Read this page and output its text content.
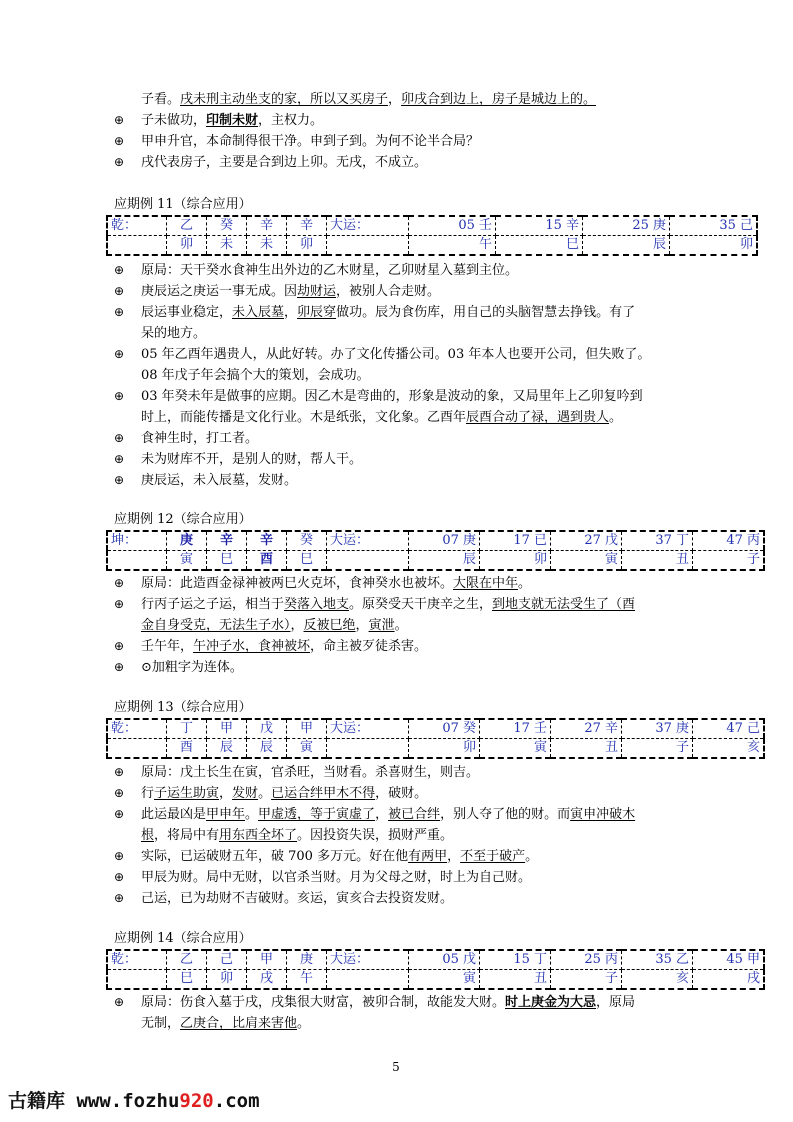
子看。戌未刑主动坐支的家，所以又买房子，卯戌合到边上，房子是城边上的。
⊕ 子未做功，印制未财，主权力。
⊕ 甲申升官，本命制得很干净。申到子到。为何不论半合局？
⊕ 戌代表房子，主要是合到边上卯。无戌，不成立。
应期例 11（综合应用）
乾：	乙	癸	辛	辛	大运：	05 壬	15 辛	25 庚	35 己
	卯	未	未	卯		午	巳	辰	卯
⊕ 原局：天干癸水食神生出外边的乙木财星，乙卯财星入墓到主位。
⊕ 庚辰运之庚运一事无成。因劫财运，被别人合走财。
⊕ 辰运事业稳定，未入辰墓，卯辰穿做功。辰为食伤库，用自己的头脑智慧去挣钱。有了
呆的地方。
⊕ 05 年乙酉年遇贵人，从此好转。办了文化传播公司。03 年本人也要开公司，但失败了。
08 年戊子年会搞个大的策划，会成功。
⊕ 03 年癸未年是做事的应期。因乙木是弯曲的，形象是波动的象，又局里年上乙卯复吟到
时上，而能传播是文化行业。木是纸张，文化象。乙酉年辰酉合动了禄，遇到贵人。
⊕ 食神生时，打工者。
⊕ 未为财库不开，是别人的财，帮人干。
⊕ 庚辰运，未入辰墓，发财。
应期例 12（综合应用）
坤：	庚	辛	辛	癸	大运：	07 庚	17 已	27 戊	37 丁	47 丙
	寅	巳	酉	巳		辰	卯	寅	丑	子
⊕ 原局：此造酉金禄神被两巳火克坏，食神癸水也被坏。大限在中年。
⊕ 行丙子运之子运，相当于癸落入地支。原癸受天干庚辛之生，到地支就无法受生了（酉
金自身受克，无法生子水），反被巳绝，寅泄。
⊕ 壬午年，午冲子水，食神被坏，命主被歹徒杀害。
⊕ ⊙加粗字为连体。
应期例 13（综合应用）
乾：	丁	甲	戊	甲	大运：	07 癸	17 壬	27 辛	37 庚	47 己
	酉	辰	辰	寅		卯	寅	丑	子	亥
⊕ 原局：戊土长生在寅，官杀旺，当财看。杀喜财生，则吉。
⊕ 行子运生助寅，发财。已运合绊甲木不得，破财。
⊕ 此运最凶是甲申年。甲虚透，等于寅虚了，被已合绊，别人夺了他的财。而寅申冲破木
根，将局中有用东西全坏了。因投资失误，损财严重。
⊕ 实际，已运破财五年，破 700 多万元。好在他有两甲，不至于破产。
⊕ 甲辰为财。局中无财，以官杀当财。月为父母之财，时上为自己财。
⊕ 己运，已为劫财不吉破财。亥运，寅亥合去投资发财。
应期例 14（综合应用）
乾：	乙	己	甲	庚	大运：	05 戊	15 丁	25 丙	35 乙	45 甲
	巳	卯	戌	午		寅	丑	子	亥	戌
⊕ 原局：伤食入墓于戌，戌集很大财富，被卯合制，故能发大财。时上庚金为大忌，原局
无制，乙庚合，比肩来害他。
5
古籍库 www.fozhu920.com
